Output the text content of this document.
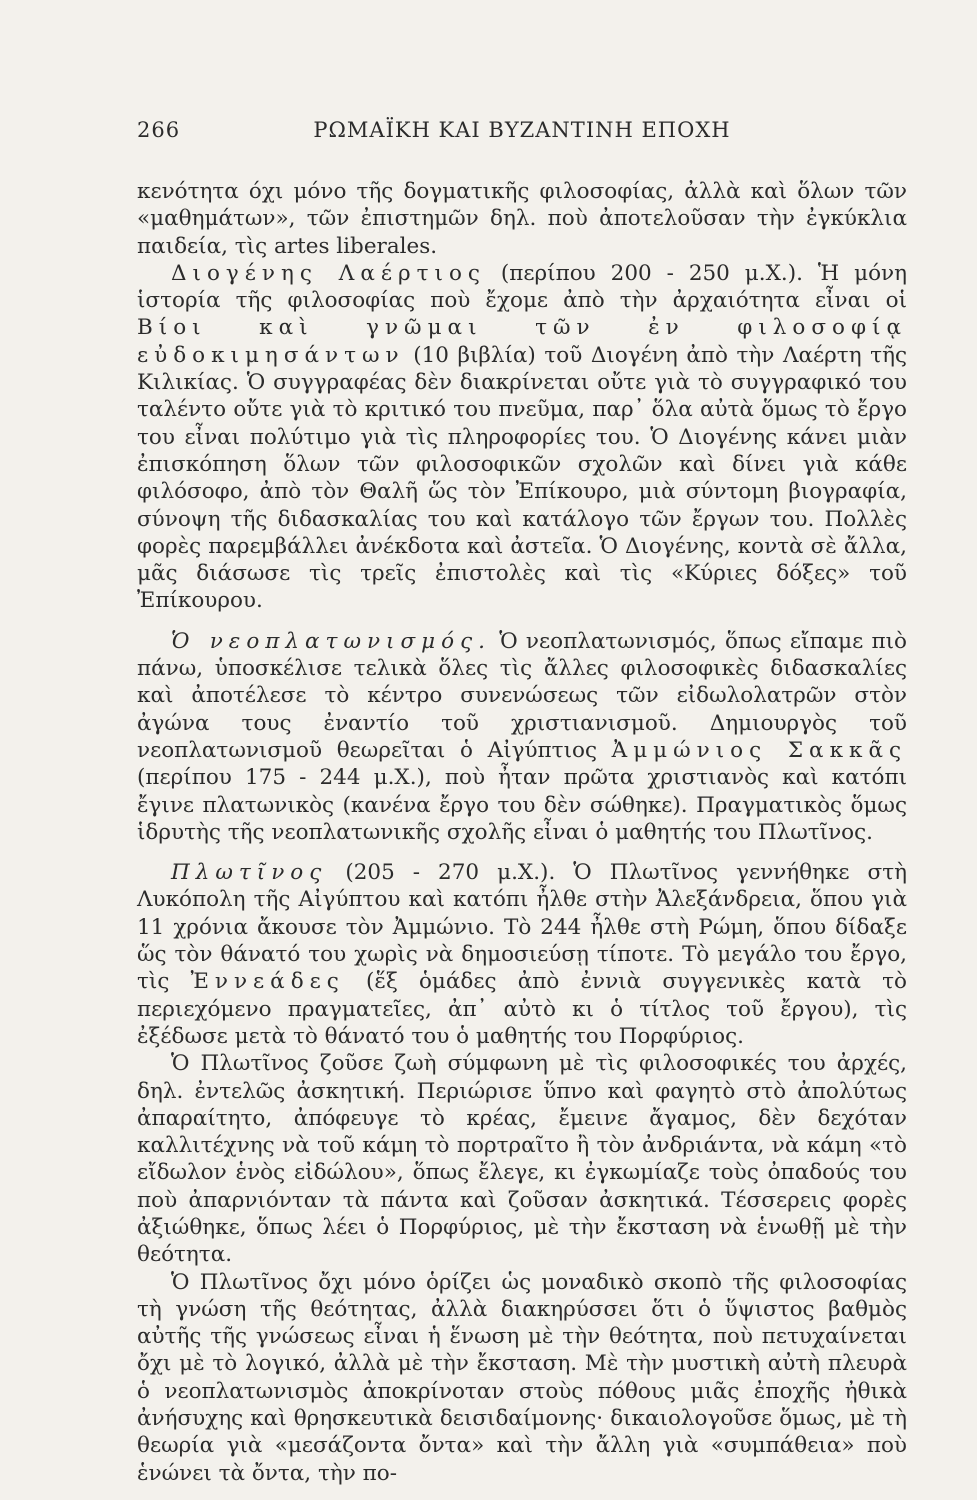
266	ΡΩΜΑΪΚΗ ΚΑΙ ΒΥΖΑΝΤΙΝΗ ΕΠΟΧΗ

κενότητα όχι μόνο τῆς δογματικῆς φιλοσοφίας, ἀλλὰ καὶ ὅλων τῶν «μαθημάτων», τῶν ἐπιστημῶν δηλ. ποὺ ἀποτελοῦσαν τὴν ἐγκύκλια παιδεία, τὶς artes liberales.

Διογένης Λαέρτιος (περίπου 200 - 250 μ.Χ.). Ἡ μόνη ἱστορία τῆς φιλοσοφίας ποὺ ἔχομε ἀπὸ τὴν ἀρχαιότητα εἶναι οἱ Βίοι καὶ γνῶμαι τῶν ἐν φιλοσοφίᾳ εὐδοκιμησάντων (10 βιβλία) τοῦ Διογένη ἀπὸ τὴν Λαέρτη τῆς Κιλικίας. Ὁ συγγραφέας δὲν διακρίνεται οὔτε γιὰ τὸ συγγραφικό του ταλέντο οὔτε γιὰ τὸ κριτικό του πνεῦμα, παρ᾽ ὅλα αὐτὰ ὅμως τὸ ἔργο του εἶναι πολύτιμο γιὰ τὶς πληροφορίες του. Ὁ Διογένης κάνει μιὰν ἐπισκόπηση ὅλων τῶν φιλοσοφικῶν σχολῶν καὶ δίνει γιὰ κάθε φιλόσοφο, ἀπὸ τὸν Θαλῆ ὥς τὸν Ἐπίκουρο, μιὰ σύντομη βιογραφία, σύνοψη τῆς διδασκαλίας του καὶ κατάλογο τῶν ἔργων του. Πολλὲς φορὲς παρεμβάλλει ἀνέκδοτα καὶ ἀστεῖα. Ὁ Διογένης, κοντὰ σὲ ἄλλα, μᾶς διάσωσε τὶς τρεῖς ἐπιστολὲς καὶ τὶς «Κύριες δόξες» τοῦ Ἐπίκουρου.

Ὁ νεοπλατωνισμός. Ὁ νεοπλατωνισμός, ὅπως εἴπαμε πιὸ πάνω, ὑποσκέλισε τελικὰ ὅλες τὶς ἄλλες φιλοσοφικὲς διδασκαλίες καὶ ἀποτέλεσε τὸ κέντρο συνενώσεως τῶν εἰδωλολατρῶν στὸν ἀγώνα τους ἐναντίο τοῦ χριστιανισμοῦ. Δημιουργὸς τοῦ νεοπλατωνισμοῦ θεωρεῖται ὁ Αἰγύπτιος Ἀμμώνιος Σακκᾶς (περίπου 175 - 244 μ.Χ.), ποὺ ἦταν πρῶτα χριστιανὸς καὶ κατόπι ἔγινε πλατωνικὸς (κανένα ἔργο του δὲν σώθηκε). Πραγματικὸς ὅμως ἱδρυτὴς τῆς νεοπλατωνικῆς σχολῆς εἶναι ὁ μαθητής του Πλωτῖνος.

Πλωτῖνος (205 - 270 μ.Χ.). Ὁ Πλωτῖνος γεννήθηκε στὴ Λυκόπολη τῆς Αἰγύπτου καὶ κατόπι ἦλθε στὴν Ἀλεξάνδρεια, ὅπου γιὰ 11 χρόνια ἄκουσε τὸν Ἀμμώνιο. Τὸ 244 ἦλθε στὴ Ρώμη, ὅπου δίδαξε ὥς τὸν θάνατό του χωρὶς νὰ δημοσιεύσῃ τίποτε. Τὸ μεγάλο του ἔργο, τὶς Ἐννεάδες (ἕξ ὁμάδες ἀπὸ ἐννιὰ συγγενικὲς κατὰ τὸ περιεχόμενο πραγματεῖες, ἀπ᾽ αὐτὸ κι ὁ τίτλος τοῦ ἔργου), τὶς ἐξέδωσε μετὰ τὸ θάνατό του ὁ μαθητής του Πορφύριος.

Ὁ Πλωτῖνος ζοῦσε ζωὴ σύμφωνη μὲ τὶς φιλοσοφικές του ἀρχές, δηλ. ἐντελῶς ἀσκητική. Περιώρισε ὕπνο καὶ φαγητὸ στὸ ἀπολύτως ἀπαραίτητο, ἀπόφευγε τὸ κρέας, ἔμεινε ἄγαμος, δὲν δεχόταν καλλιτέχνης νὰ τοῦ κάμη τὸ πορτραῖτο ἢ τὸν ἀνδριάντα, νὰ κάμη «τὸ εἴδωλον ἑνὸς εἰδώλου», ὅπως ἔλεγε, κι ἐγκωμίαζε τοὺς ὀπαδούς του ποὺ ἀπαρνιόνταν τὰ πάντα καὶ ζοῦσαν ἀσκητικά. Τέσσερεις φορὲς ἀξιώθηκε, ὅπως λέει ὁ Πορφύριος, μὲ τὴν ἔκσταση νὰ ἑνωθῇ μὲ τὴν θεότητα.

Ὁ Πλωτῖνος ὄχι μόνο ὁρίζει ὡς μοναδικὸ σκοπὸ τῆς φιλοσοφίας τὴ γνώση τῆς θεότητας, ἀλλὰ διακηρύσσει ὅτι ὁ ὕψιστος βαθμὸς αὐτῆς τῆς γνώσεως εἶναι ἡ ἕνωση μὲ τὴν θεότητα, ποὺ πετυχαίνεται ὄχι μὲ τὸ λογικό, ἀλλὰ μὲ τὴν ἔκσταση. Μὲ τὴν μυστικὴ αὐτὴ πλευρὰ ὁ νεοπλατωνισμὸς ἀποκρίνοταν στοὺς πόθους μιᾶς ἐποχῆς ἠθικὰ ἀνήσυχης καὶ θρησκευτικὰ δεισιδαίμονης· δικαιολογοῦσε ὅμως, μὲ τὴ θεωρία γιὰ «μεσάζοντα ὄντα» καὶ τὴν ἄλλη γιὰ «συμπάθεια» ποὺ ἑνώνει τὰ ὄντα, τὴν πο-
